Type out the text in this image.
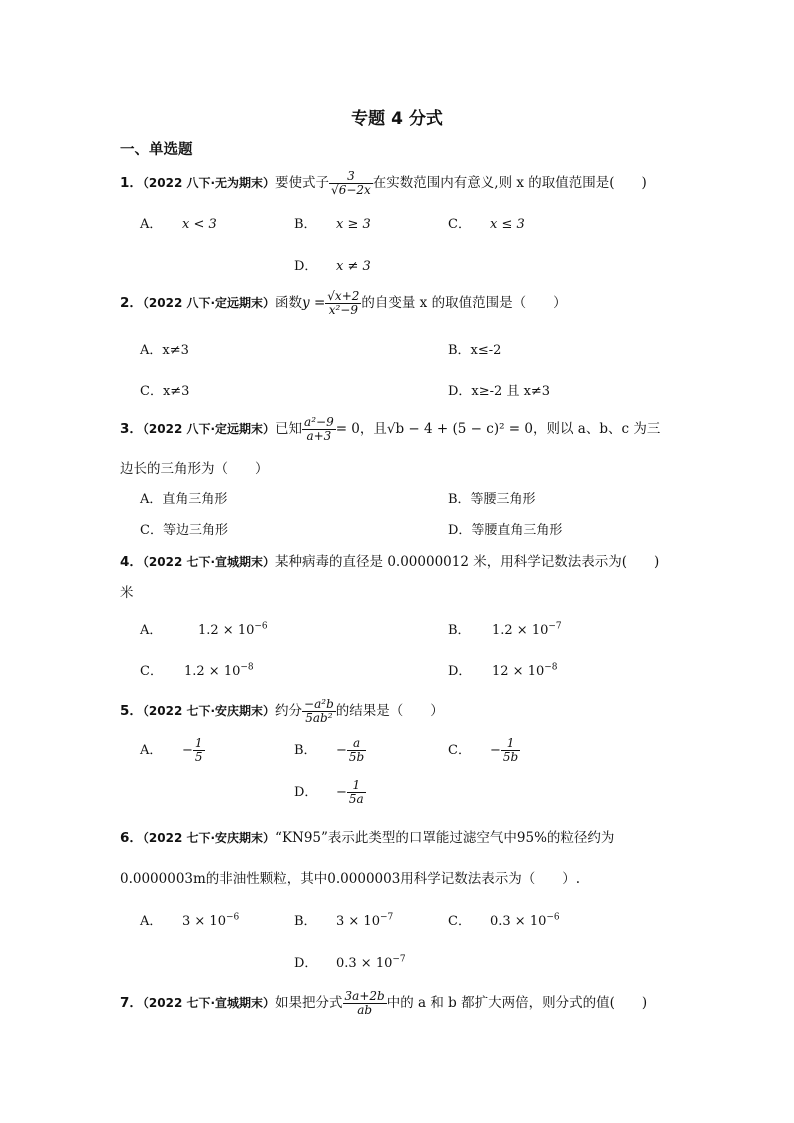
专题 4 分式
一、单选题
1．（2022 八下·无为期末）要使式子 $\frac{3}{√6-2x}$ 在实数范围内有意义,则 x 的取值范围是(　　)
A． x < 3	B． x ≥ 3	C． x ≤ 3
D． x ≠ 3
2．（2022 八下·定远期末）函数$y = \frac{√x+2}{\text{x²−9}}$ 的自变量 x 的取值范围是（　　）
A．x≠3	B．x≤-2
C．x≠3	D．x≥-2 且 x≠3
3．（2022 八下·定远期末）已知 $\frac{\text{a²−9}}{a+3} = 0$，且√b − 4 + (5 − c)² = 0，则以 a、b、c 为三
边长的三角形为（　　）
A．直角三角形	B．等腰三角形
C．等边三角形	D．等腰直角三角形
4．（2022 七下·宣城期末）某种病毒的直径是 0.00000012 米，用科学记数法表示为(　　)
米
A．	$1.2 \times 10^{-6}$	B． $1.2 \times 10^{-7}$
C． $1.2 \times 10^{-8}$	D． $12 \times 10^{-8}$
5．（2022 七下·安庆期末）约分 $\frac{\text{−a²b}}{\text{5ab²}}$ 的结果是（　　）
A． − $\frac{1}{5}$	B． − $\frac{a}{5b}$	C． − $\frac{1}{5b}$
D． − $\frac{1}{5a}$
6．（2022 七下·安庆期末）“KN95”表示此类型的口罩能过滤空气中95%的粒径约为
0.0000003m的非油性颗粒，其中0.0000003用科学记数法表示为（　　）.
A． $3 \times 10^{-6}$	B． $3 \times 10^{-7}$	C． $0.3 \times 10^{-6}$
D． $0.3 \times 10^{-7}$
7．（2022 七下·宣城期末）如果把分式 $\frac{3a+2b}{ab}$ 中的 a 和 b 都扩大两倍，则分式的值(　　)
